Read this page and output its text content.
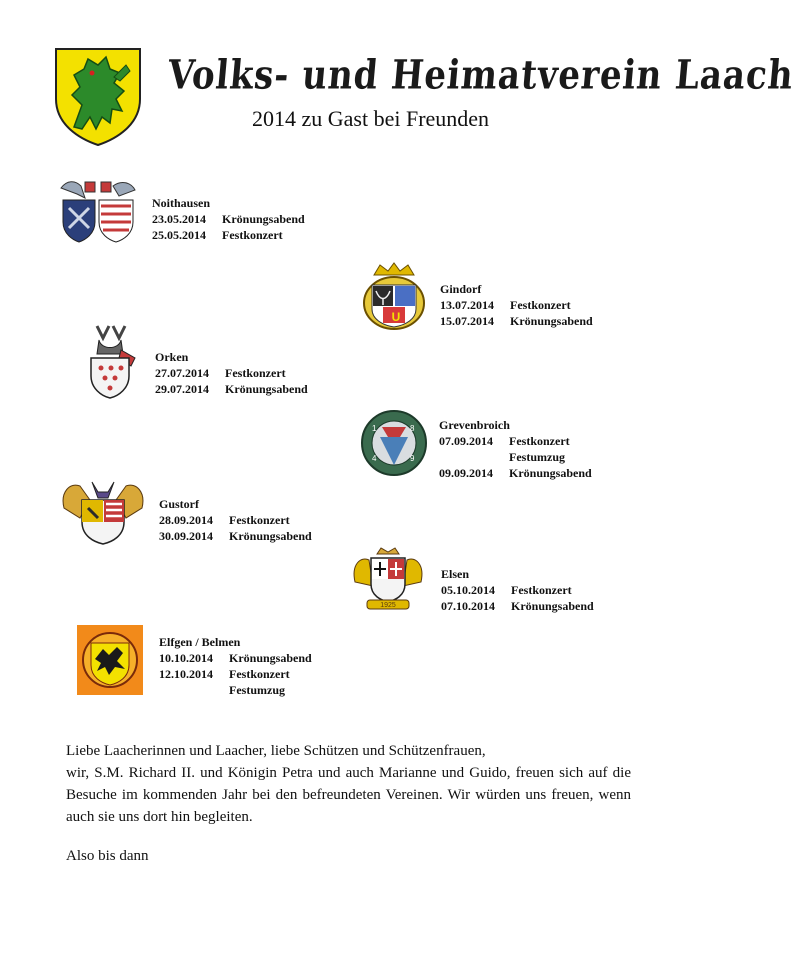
Volks- und Heimatverein Laach
2014 zu Gast bei Freunden
Noithausen
23.05.2014 Krönungsabend
25.05.2014 Festkonzert
U
Gindorf
13.07.2014 Festkonzert
15.07.2014 Krönungsabend
Orken
27.07.2014 Festkonzert
29.07.2014 Krönungsabend
1	8
4	9
Grevenbroich
07.09.2014 Festkonzert
Festumzug
09.09.2014 Krönungsabend
Gustorf
28.09.2014 Festkonzert
30.09.2014 Krönungsabend
1925
Elsen
05.10.2014 Festkonzert
07.10.2014 Krönungsabend
Elfgen / Belmen
10.10.2014 Krönungsabend
12.10.2014 Festkonzert
Festumzug

Liebe Laacherinnen und Laacher, liebe Schützen und Schützenfrauen,

wir, S.M. Richard II. und Königin Petra und auch Marianne und Guido, freuen sich auf die Besuche im kommenden Jahr bei den befreundeten Vereinen. Wir würden uns freuen, wenn auch sie uns dort hin begleiten.

Also bis dann
